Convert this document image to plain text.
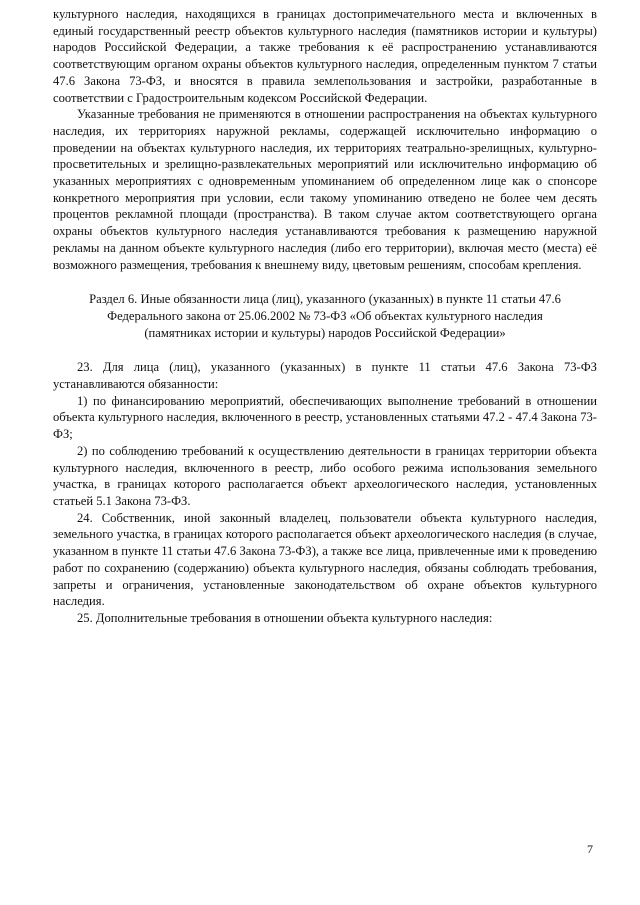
культурного наследия, находящихся в границах достопримечательного места и включенных в единый государственный реестр объектов культурного наследия (памятников истории и культуры) народов Российской Федерации, а также требования к её распространению устанавливаются соответствующим органом охраны объектов культурного наследия, определенным пунктом 7 статьи 47.6 Закона 73-ФЗ, и вносятся в правила землепользования и застройки, разработанные в соответствии с Градостроительным кодексом Российской Федерации.

Указанные требования не применяются в отношении распространения на объектах культурного наследия, их территориях наружной рекламы, содержащей исключительно информацию о проведении на объектах культурного наследия, их территориях театрально-зрелищных, культурно-просветительных и зрелищно-развлекательных мероприятий или исключительно информацию об указанных мероприятиях с одновременным упоминанием об определенном лице как о спонсоре конкретного мероприятия при условии, если такому упоминанию отведено не более чем десять процентов рекламной площади (пространства). В таком случае актом соответствующего органа охраны объектов культурного наследия устанавливаются требования к размещению наружной рекламы на данном объекте культурного наследия (либо его территории), включая место (места) её возможного размещения, требования к внешнему виду, цветовым решениям, способам крепления.

Раздел 6. Иные обязанности лица (лиц), указанного (указанных) в пункте 11 статьи 47.6
Федерального закона от 25.06.2002 № 73-ФЗ «Об объектах культурного наследия
(памятниках истории и культуры) народов Российской Федерации»

23. Для лица (лиц), указанного (указанных) в пункте 11 статьи 47.6 Закона 73-ФЗ устанавливаются обязанности:

1) по финансированию мероприятий, обеспечивающих выполнение требований в отношении объекта культурного наследия, включенного в реестр, установленных статьями 47.2 - 47.4 Закона 73-ФЗ;

2) по соблюдению требований к осуществлению деятельности в границах территории объекта культурного наследия, включенного в реестр, либо особого режима использования земельного участка, в границах которого располагается объект археологического наследия, установленных статьей 5.1 Закона 73-ФЗ.

24. Собственник, иной законный владелец, пользователи объекта культурного наследия, земельного участка, в границах которого располагается объект археологического наследия (в случае, указанном в пункте 11 статьи 47.6 Закона 73-ФЗ), а также все лица, привлеченные ими к проведению работ по сохранению (содержанию) объекта культурного наследия, обязаны соблюдать требования, запреты и ограничения, установленные законодательством об охране объектов культурного наследия.

25. Дополнительные требования в отношении объекта культурного наследия:

7
